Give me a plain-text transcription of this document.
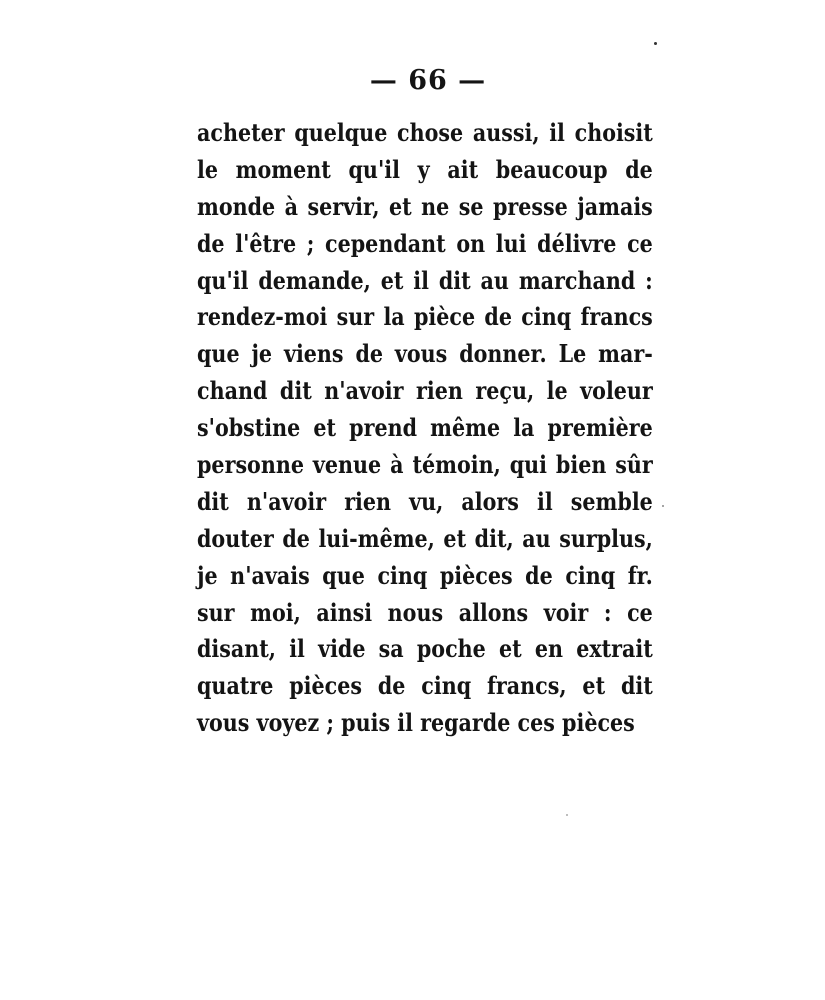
— 66 —
acheter quelque chose aussi, il choisit
le moment qu'il y ait beaucoup de
monde à servir, et ne se presse jamais
de l'être ; cependant on lui délivre ce
qu'il demande, et il dit au marchand :
rendez-moi sur la pièce de cinq francs
que je viens de vous donner. Le mar-
chand dit n'avoir rien reçu, le voleur
s'obstine et prend même la première
personne venue à témoin, qui bien sûr
dit n'avoir rien vu, alors il semble
douter de lui-même, et dit, au surplus,
je n'avais que cinq pièces de cinq fr.
sur moi, ainsi nous allons voir : ce
disant, il vide sa poche et en extrait
quatre pièces de cinq francs, et dit
vous voyez ; puis il regarde ces pièces
